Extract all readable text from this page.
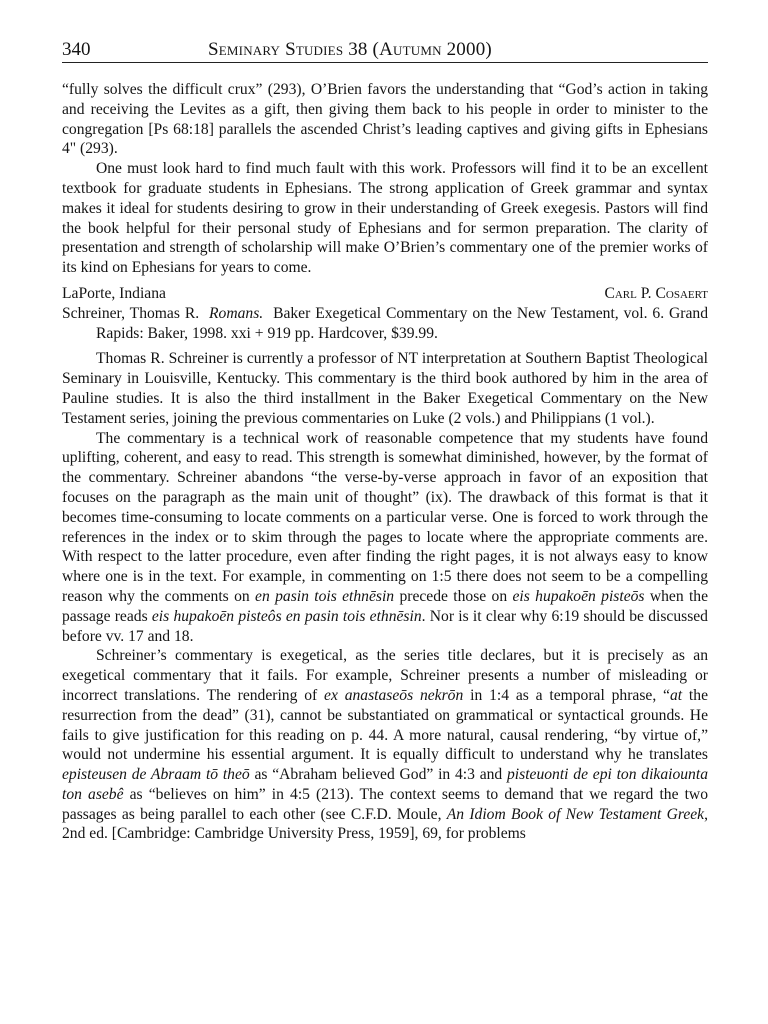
340	Seminary Studies 38 (Autumn 2000)

“fully solves the difficult crux” (293), O’Brien favors the understanding that “God’s action in taking and receiving the Levites as a gift, then giving them back to his people in order to minister to the congregation [Ps 68:18] parallels the ascended Christ’s leading captives and giving gifts in Ephesians 4" (293).

One must look hard to find much fault with this work. Professors will find it to be an excellent textbook for graduate students in Ephesians. The strong application of Greek grammar and syntax makes it ideal for students desiring to grow in their understanding of Greek exegesis. Pastors will find the book helpful for their personal study of Ephesians and for sermon preparation. The clarity of presentation and strength of scholarship will make O’Brien’s commentary one of the premier works of its kind on Ephesians for years to come.

LaPorte, Indiana	Carl P. Cosaert

Schreiner, Thomas R. Romans. Baker Exegetical Commentary on the New Testament, vol. 6. Grand Rapids: Baker, 1998. xxi + 919 pp. Hardcover, $39.99.

Thomas R. Schreiner is currently a professor of NT interpretation at Southern Baptist Theological Seminary in Louisville, Kentucky. This commentary is the third book authored by him in the area of Pauline studies. It is also the third installment in the Baker Exegetical Commentary on the New Testament series, joining the previous commentaries on Luke (2 vols.) and Philippians (1 vol.).

The commentary is a technical work of reasonable competence that my students have found uplifting, coherent, and easy to read. This strength is somewhat diminished, however, by the format of the commentary. Schreiner abandons “the verse-by-verse approach in favor of an exposition that focuses on the paragraph as the main unit of thought” (ix). The drawback of this format is that it becomes time-consuming to locate comments on a particular verse. One is forced to work through the references in the index or to skim through the pages to locate where the appropriate comments are. With respect to the latter procedure, even after finding the right pages, it is not always easy to know where one is in the text. For example, in commenting on 1:5 there does not seem to be a compelling reason why the comments on en pasin tois ethnēsin precede those on eis hupakoēn pisteōs when the passage reads eis hupakoēn pisteôs en pasin tois ethnēsin. Nor is it clear why 6:19 should be discussed before vv. 17 and 18.

Schreiner’s commentary is exegetical, as the series title declares, but it is precisely as an exegetical commentary that it fails. For example, Schreiner presents a number of misleading or incorrect translations. The rendering of ex anastaseōs nekrōn in 1:4 as a temporal phrase, “at the resurrection from the dead” (31), cannot be substantiated on grammatical or syntactical grounds. He fails to give justification for this reading on p. 44. A more natural, causal rendering, “by virtue of,” would not undermine his essential argument. It is equally difficult to understand why he translates episteusen de Abraam tō theō as “Abraham believed God” in 4:3 and pisteuonti de epi ton dikaiounta ton asebê as “believes on him” in 4:5 (213). The context seems to demand that we regard the two passages as being parallel to each other (see C.F.D. Moule, An Idiom Book of New Testament Greek, 2nd ed. [Cambridge: Cambridge University Press, 1959], 69, for problems
